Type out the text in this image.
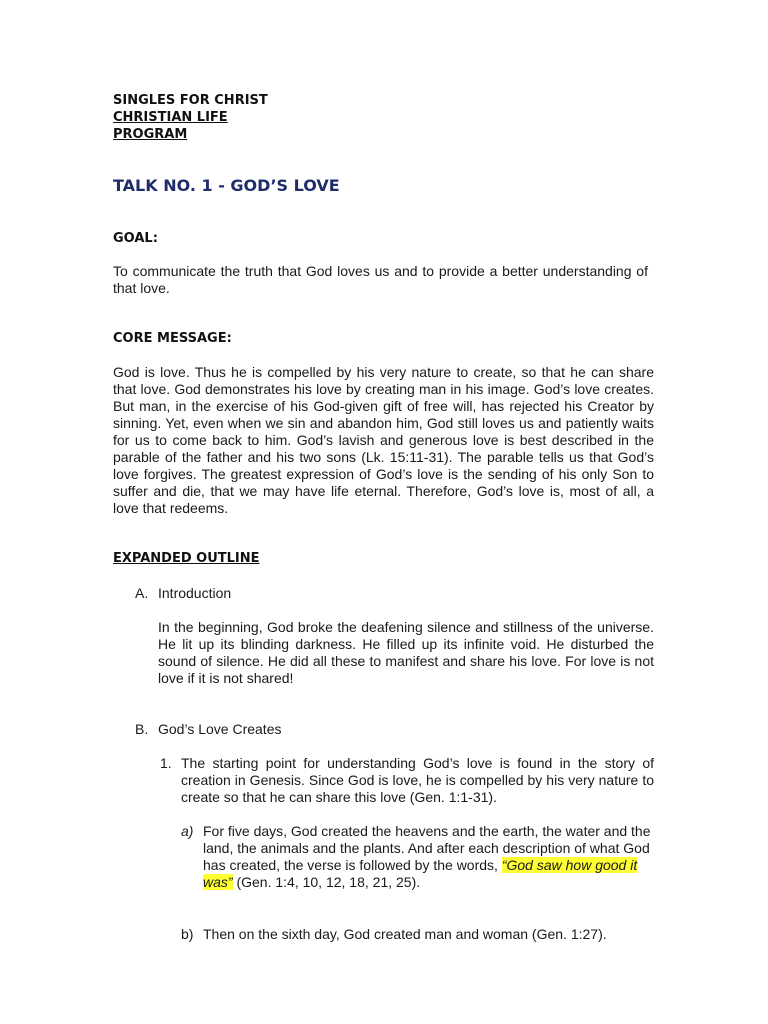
SINGLES FOR CHRIST
CHRISTIAN LIFE
PROGRAM
TALK NO. 1 - GOD’S LOVE
GOAL:
To communicate the truth that God loves us and to provide a better understanding of that love.
CORE MESSAGE:
God is love. Thus he is compelled by his very nature to create, so that he can share that love. God demonstrates his love by creating man in his image. God’s love creates. But man, in the exercise of his God-given gift of free will, has rejected his Creator by sinning. Yet, even when we sin and abandon him, God still loves us and patiently waits for us to come back to him. God’s lavish and generous love is best described in the parable of the father and his two sons (Lk. 15:11-31). The parable tells us that God’s love forgives. The greatest expression of God’s love is the sending of his only Son to suffer and die, that we may have life eternal. Therefore, God’s love is, most of all, a love that redeems.
EXPANDED OUTLINE
A. Introduction
In the beginning, God broke the deafening silence and stillness of the universe. He lit up its blinding darkness. He filled up its infinite void. He disturbed the sound of silence. He did all these to manifest and share his love. For love is not love if it is not shared!
B. God’s Love Creates
1. The starting point for understanding God’s love is found in the story of creation in Genesis. Since God is love, he is compelled by his very nature to create so that he can share this love (Gen. 1:1-31).
a) For five days, God created the heavens and the earth, the water and the land, the animals and the plants. And after each description of what God has created, the verse is followed by the words, “God saw how good it
was” (Gen. 1:4, 10, 12, 18, 21, 25).
b) Then on the sixth day, God created man and woman (Gen. 1:27).
